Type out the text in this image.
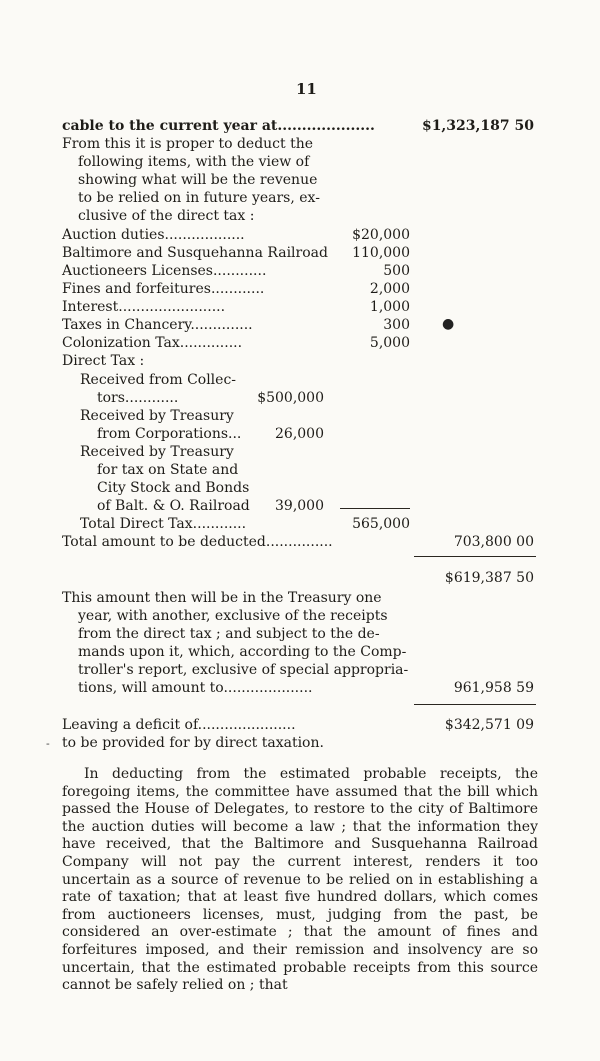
11
cable to the current year at....................	$1,323,187 50
From this it is proper to deduct the
following items, with the view of
showing what will be the revenue
to be relied on in future years, ex-
clusive of the direct tax :
Auction duties..................	$20,000
Baltimore and Susquehanna Railroad 110,000
Auctioneers Licenses............	500
Fines and forfeitures............	2,000
Interest........................	1,000
Taxes in Chancery..............	300
Colonization Tax..............	5,000
Direct Tax :
Received from Collec-
tors............	$500,000
Received by Treasury
from Corporations... 26,000
Received by Treasury
for tax on State and
City Stock and Bonds
of Balt. & O. Railroad 39,000
Total Direct Tax............	565,000
Total amount to be deducted...............	703,800 00
$619,387 50
This amount then will be in the Treasury one
year, with another, exclusive of the receipts
from the direct tax ; and subject to the de-
mands upon it, which, according to the Comp-
troller's report, exclusive of special appropria-
tions, will amount to....................	961,958 59
Leaving a deficit of......................	$342,571 09
to be provided for by direct taxation.
In deducting from the estimated probable receipts, the foregoing items, the committee have assumed that the bill which passed the House of Delegates, to restore to the city of Baltimore the auction duties will become a law ; that the information they have received, that the Baltimore and Susquehanna Railroad Company will not pay the current interest, renders it too uncertain as a source of revenue to be relied on in establishing a rate of taxation; that at least five hundred dollars, which comes from auctioneers licenses, must, judging from the past, be considered an over-estimate ; that the amount of fines and forfeitures imposed, and their remission and insolvency are so uncertain, that the estimated probable receipts from this source cannot be safely relied on ; that
●
-
